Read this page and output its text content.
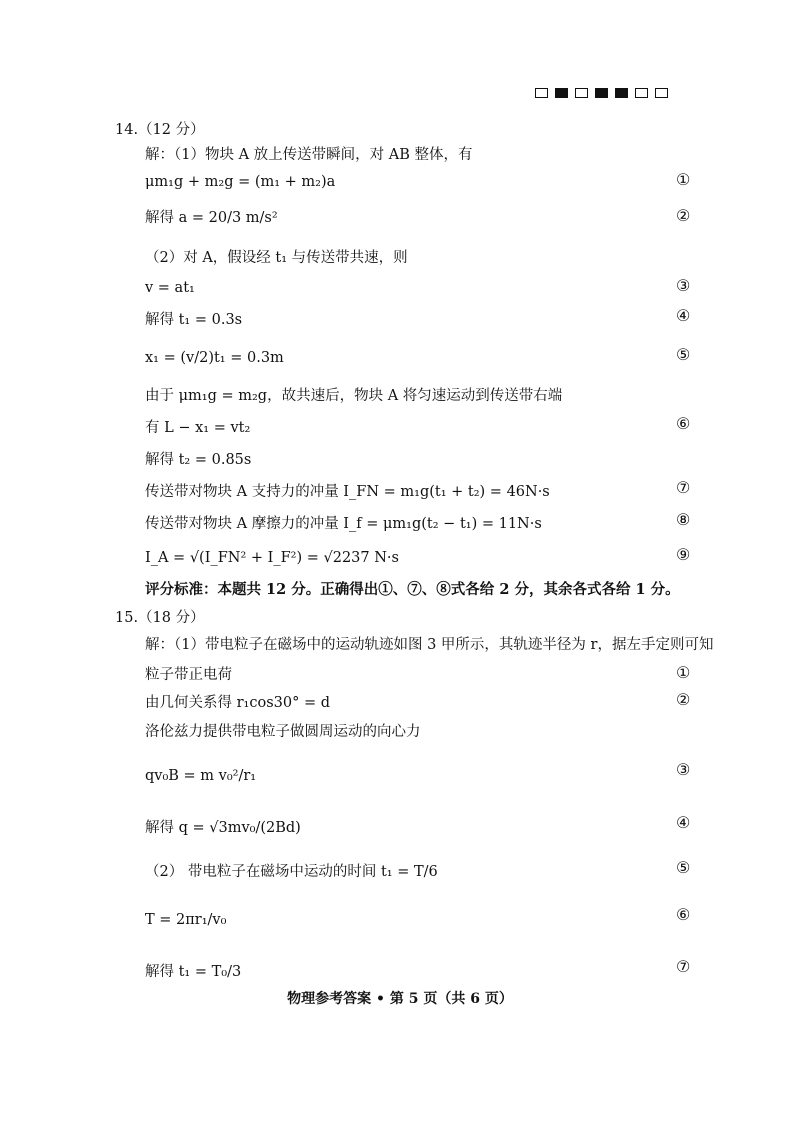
14.（12 分）
解：（1）物块 A 放上传送带瞬间，对 AB 整体，有
μm₁g + m₂g = (m₁ + m₂)a	①
解得 a = 20/3 m/s²	②
（2）对 A，假设经 t₁ 与传送带共速，则
v = at₁	③
解得 t₁ = 0.3s	④
x₁ = (v/2)t₁ = 0.3m	⑤
由于 μm₁g = m₂g，故共速后，物块 A 将匀速运动到传送带右端
有 L − x₁ = vt₂	⑥
解得 t₂ = 0.85s
传送带对物块 A 支持力的冲量 I_FN = m₁g(t₁ + t₂) = 46N·s	⑦
传送带对物块 A 摩擦力的冲量 I_f = μm₁g(t₂ − t₁) = 11N·s	⑧
I_A = √(I_FN² + I_F²) = √2237 N·s	⑨
评分标准：本题共 12 分。正确得出①、⑦、⑧式各给 2 分，其余各式各给 1 分。
15.（18 分）
解：（1）带电粒子在磁场中的运动轨迹如图 3 甲所示，其轨迹半径为 r，据左手定则可知
粒子带正电荷	①
由几何关系得 r₁cos30° = d	②
洛伦兹力提供带电粒子做圆周运动的向心力
qv₀B = m v₀²/r₁	③
解得 q = √3mv₀/(2Bd)	④
（2） 带电粒子在磁场中运动的时间 t₁ = T/6	⑤
T = 2πr₁/v₀	⑥
解得 t₁ = T₀/3	⑦
物理参考答案 • 第 5 页（共 6 页）
